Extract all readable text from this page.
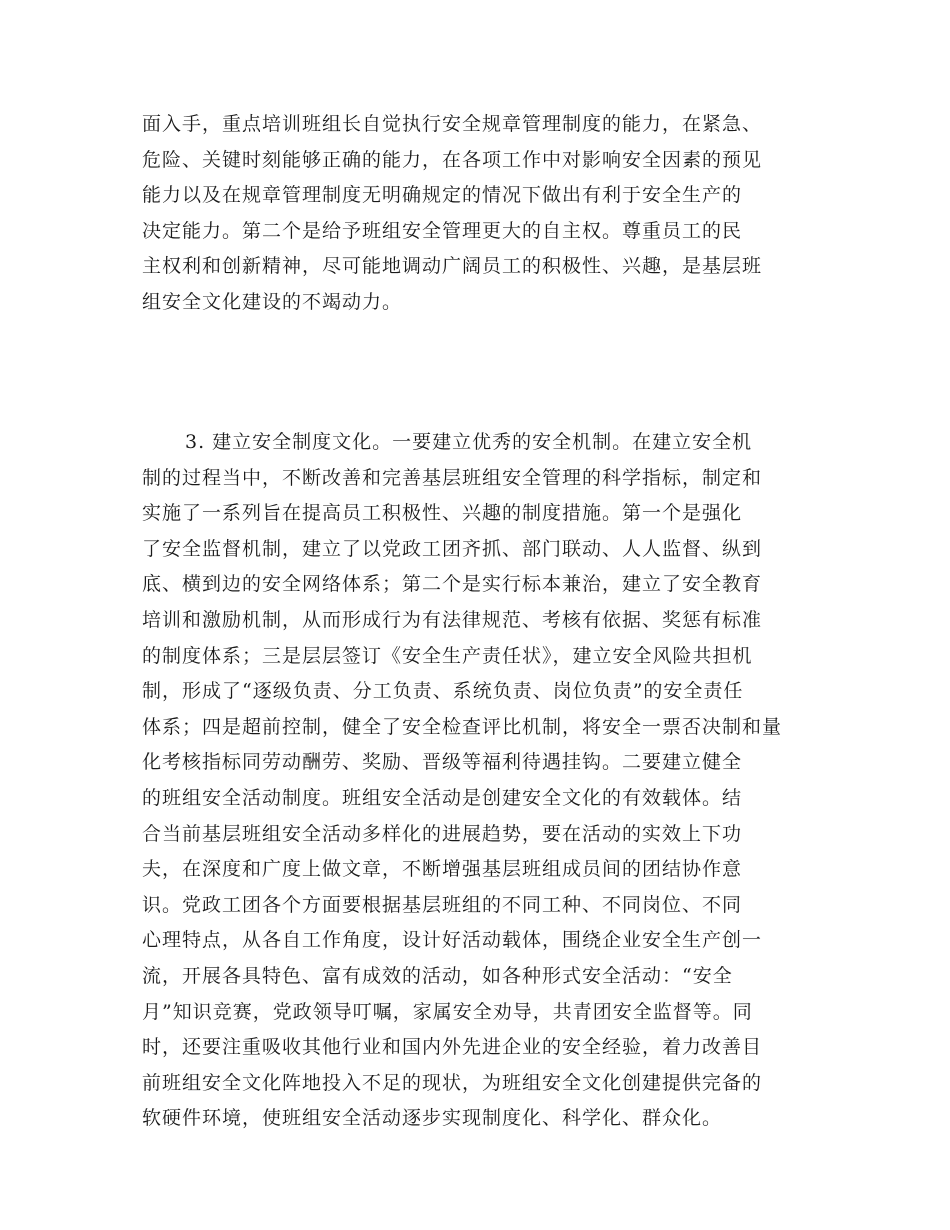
面入手，重点培训班组长自觉执行安全规章管理制度的能力，在紧急、
危险、关键时刻能够正确的能力，在各项工作中对影响安全因素的预见
能力以及在规章管理制度无明确规定的情况下做出有利于安全生产的
决定能力。第二个是给予班组安全管理更大的自主权。尊重员工的民
主权利和创新精神，尽可能地调动广阔员工的积极性、兴趣，是基层班
组安全文化建设的不竭动力。
3. 建立安全制度文化。一要建立优秀的安全机制。在建立安全机
制的过程当中，不断改善和完善基层班组安全管理的科学指标，制定和
实施了一系列旨在提高员工积极性、兴趣的制度措施。第一个是强化
了安全监督机制，建立了以党政工团齐抓、部门联动、人人监督、纵到
底、横到边的安全网络体系；第二个是实行标本兼治，建立了安全教育
培训和激励机制，从而形成行为有法律规范、考核有依据、奖惩有标准
的制度体系；三是层层签订《安全生产责任状》，建立安全风险共担机
制，形成了“逐级负责、分工负责、系统负责、岗位负责”的安全责任
体系；四是超前控制，健全了安全检查评比机制，将安全一票否决制和量
化考核指标同劳动酬劳、奖励、晋级等福利待遇挂钩。二要建立健全
的班组安全活动制度。班组安全活动是创建安全文化的有效载体。结
合当前基层班组安全活动多样化的进展趋势，要在活动的实效上下功
夫，在深度和广度上做文章，不断增强基层班组成员间的团结协作意
识。党政工团各个方面要根据基层班组的不同工种、不同岗位、不同
心理特点，从各自工作角度，设计好活动载体，围绕企业安全生产创一
流，开展各具特色、富有成效的活动，如各种形式安全活动：“安全
月”知识竞赛，党政领导叮嘱，家属安全劝导，共青团安全监督等。同
时，还要注重吸收其他行业和国内外先进企业的安全经验，着力改善目
前班组安全文化阵地投入不足的现状，为班组安全文化创建提供完备的
软硬件环境，使班组安全活动逐步实现制度化、科学化、群众化。
